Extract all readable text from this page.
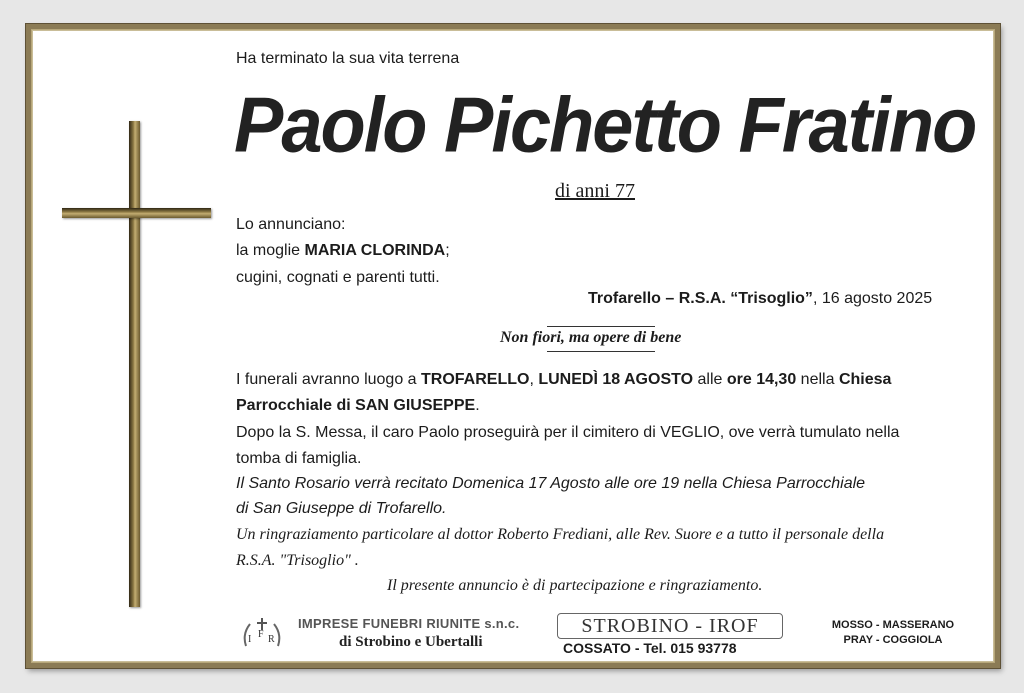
Ha terminato la sua vita terrena
Paolo Pichetto Fratino
di anni 77
Lo annunciano:
la moglie MARIA CLORINDA;
cugini, cognati e parenti tutti.
Trofarello – R.S.A. “Trisoglio”, 16 agosto 2025
Non fiori, ma opere di bene
I funerali avranno luogo a TROFARELLO, LUNEDÌ 18 AGOSTO alle ore 14,30 nella Chiesa
Parrocchiale di SAN GIUSEPPE.
Dopo la S. Messa, il caro Paolo proseguirà per il cimitero di VEGLIO, ove verrà tumulato nella
tomba di famiglia.
Il Santo Rosario verrà recitato Domenica 17 Agosto alle ore 19 nella Chiesa Parrocchiale
di San Giuseppe di Trofarello.
Un ringraziamento particolare al dottor Roberto Frediani, alle Rev. Suore e a tutto il personale della
R.S.A. "Trisoglio" .
Il presente annuncio è di partecipazione e ringraziamento.
I F R
IMPRESE FUNEBRI RIUNITE s.n.c.
di Strobino e Ubertalli
STROBINO - IROF
COSSATO - Tel. 015 93778
MOSSO - MASSERANO
PRAY - COGGIOLA
